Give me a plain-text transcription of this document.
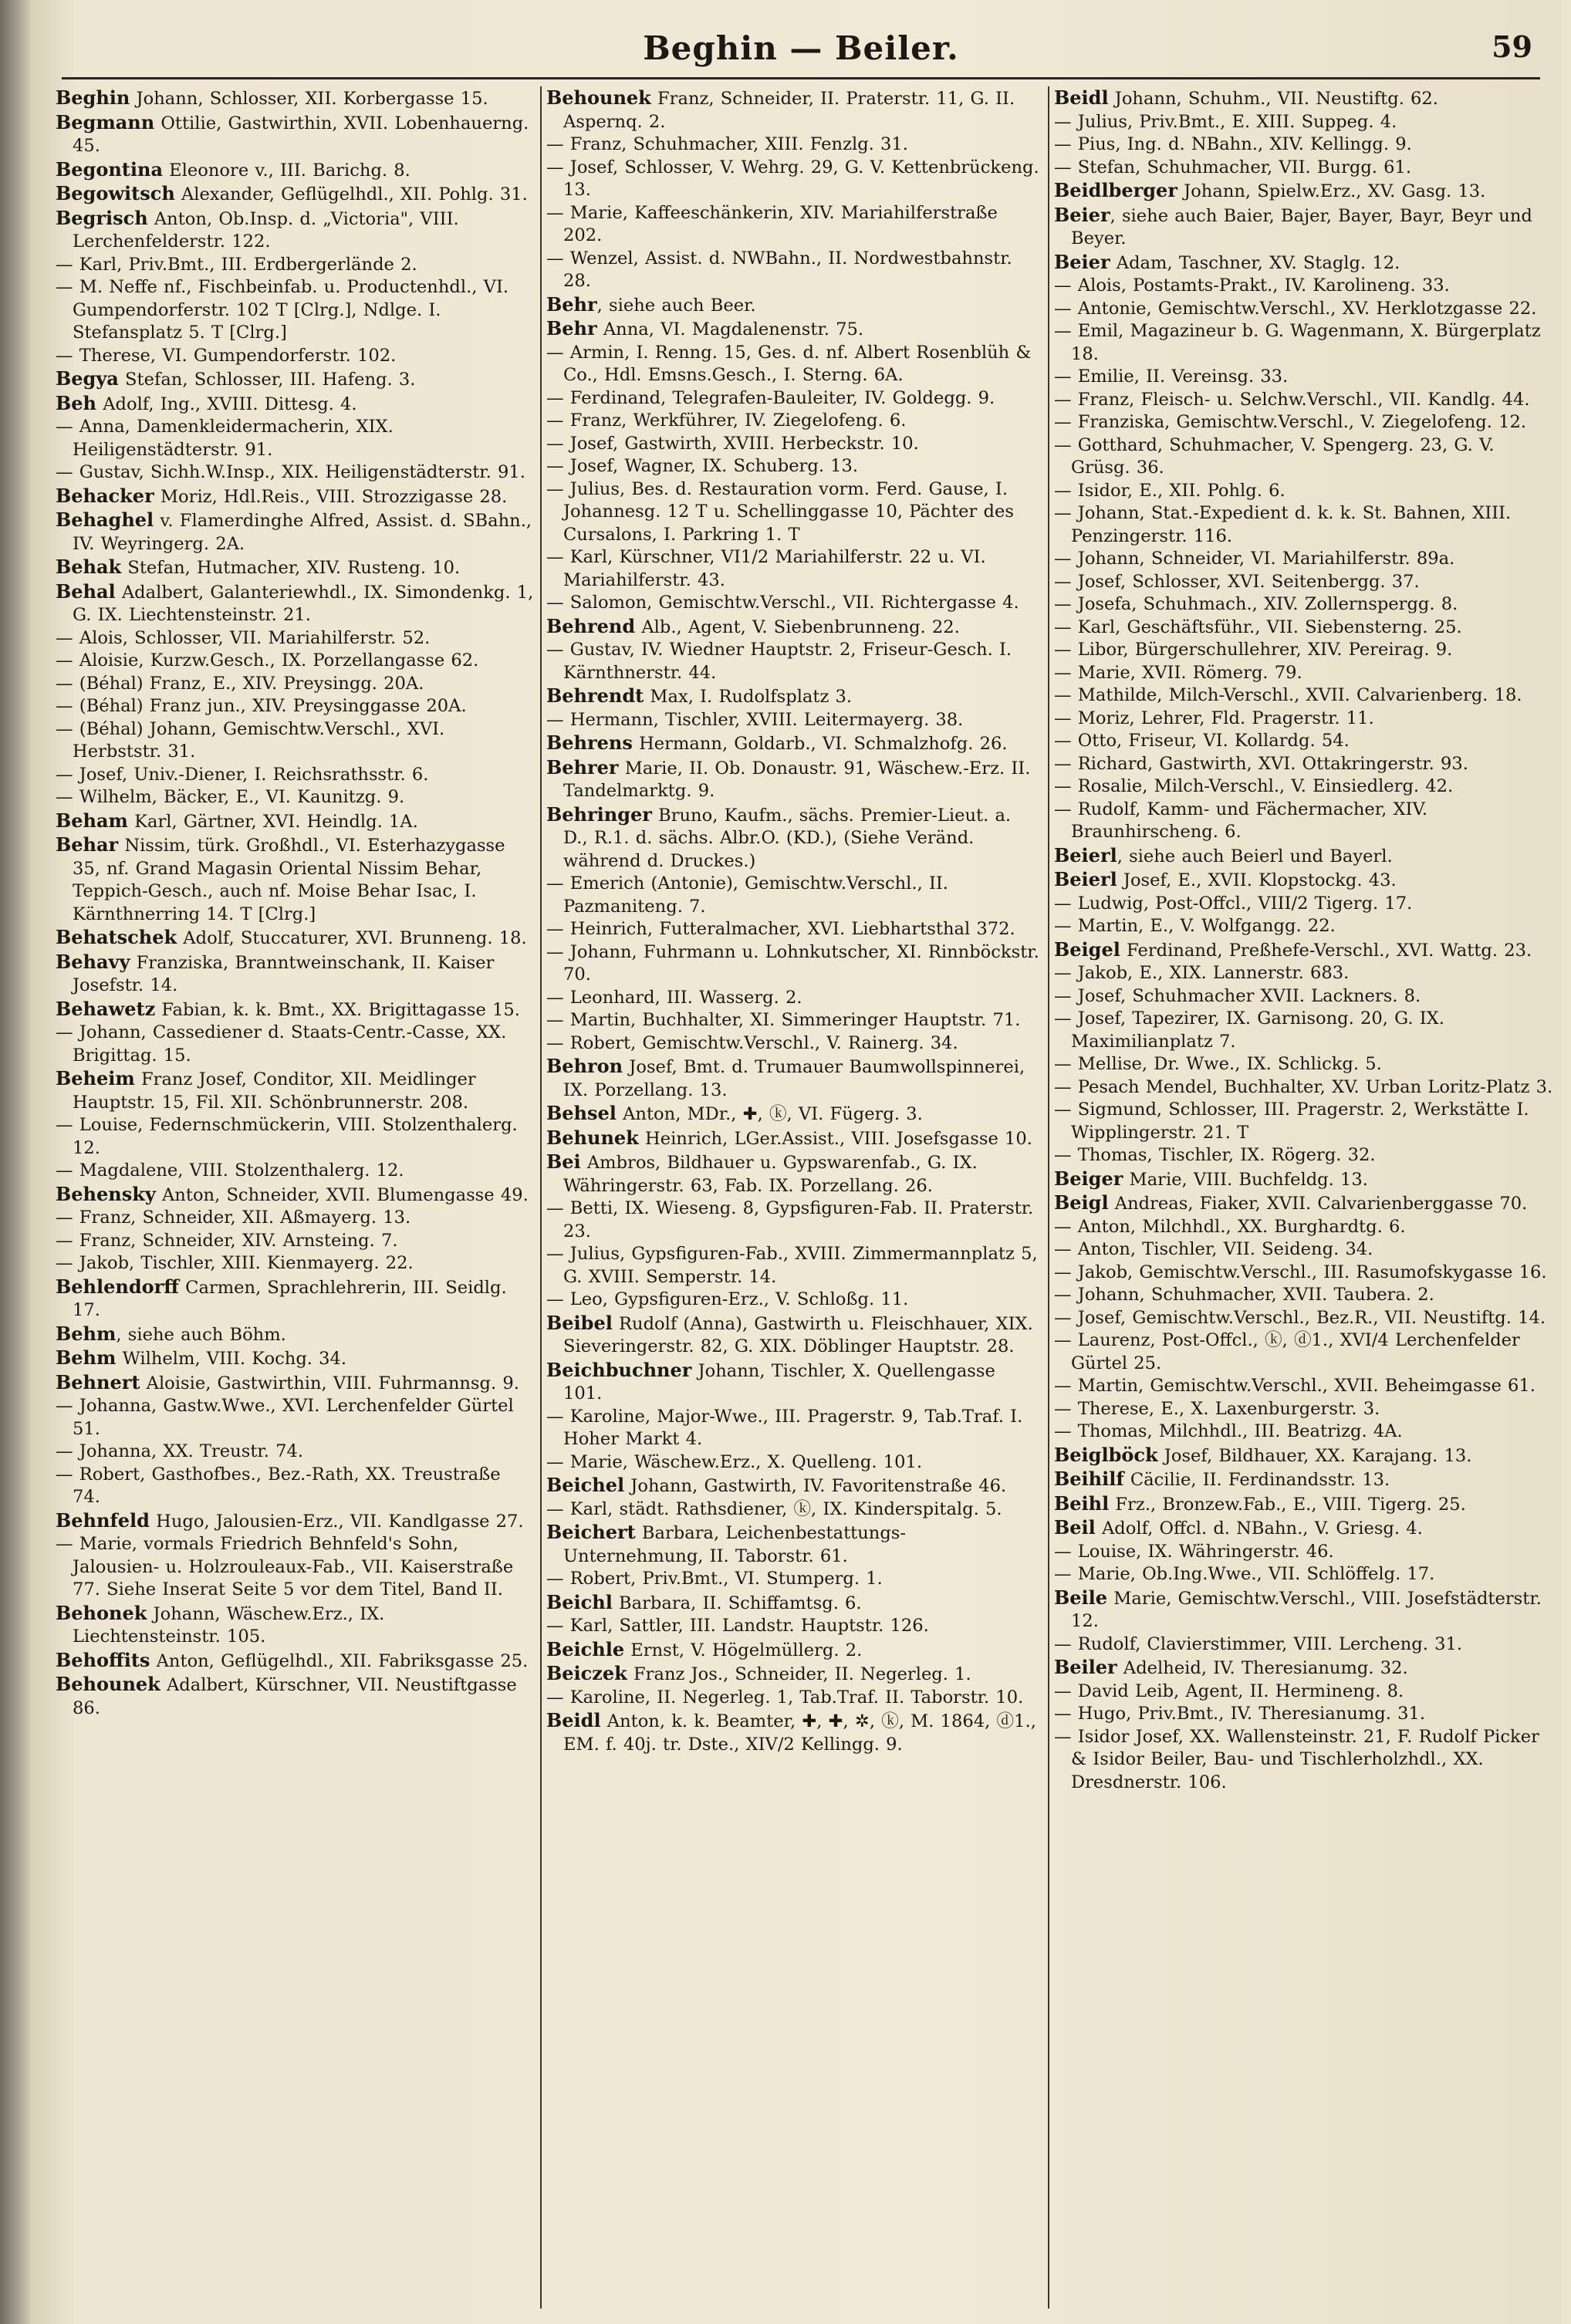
Beghin — Beiler.	59
Beghin Johann, Schlosser, XII. Korbergasse 15.
Begmann Ottilie, Gastwirthin, XVII. Lobenhauerng. 45.
Begontina Eleonore v., III. Barichg. 8.
Begowitsch Alexander, Geflügelhdl., XII. Pohlg. 31.
Begrisch Anton, Ob.Insp. d. „Victoria", VIII. Lerchenfelderstr. 122.
— Karl, Priv.Bmt., III. Erdbergerlände 2.
— M. Neffe nf., Fischbeinfab. u. Productenhdl., VI. Gumpendorferstr. 102 T [Clrg.], Ndlge. I. Stefansplatz 5. T [Clrg.]
— Therese, VI. Gumpendorferstr. 102.
Begya Stefan, Schlosser, III. Hafeng. 3.
Beh Adolf, Ing., XVIII. Dittesg. 4.
— Anna, Damenkleidermacherin, XIX. Heiligenstädterstr. 91.
— Gustav, Sichh.W.Insp., XIX. Heiligenstädterstr. 91.
Behacker Moriz, Hdl.Reis., VIII. Strozzigasse 28.
Behaghel v. Flamerdinghe Alfred, Assist. d. SBahn., IV. Weyringerg. 2A.
Behak Stefan, Hutmacher, XIV. Rusteng. 10.
Behal Adalbert, Galanteriewhdl., IX. Simondenkg. 1, G. IX. Liechtensteinstr. 21.
— Alois, Schlosser, VII. Mariahilferstr. 52.
— Aloisie, Kurzw.Gesch., IX. Porzellangasse 62.
— (Béhal) Franz, E., XIV. Preysingg. 20A.
— (Béhal) Franz jun., XIV. Preysinggasse 20A.
— (Béhal) Johann, Gemischtw.Verschl., XVI. Herbststr. 31.
— Josef, Univ.-Diener, I. Reichsrathsstr. 6.
— Wilhelm, Bäcker, E., VI. Kaunitzg. 9.
Beham Karl, Gärtner, XVI. Heindlg. 1A.
Behar Nissim, türk. Großhdl., VI. Esterhazygasse 35, nf. Grand Magasin Oriental Nissim Behar, Teppich-Gesch., auch nf. Moise Behar Isac, I. Kärnthnerring 14. T [Clrg.]
Behatschek Adolf, Stuccaturer, XVI. Brunneng. 18.
Behavy Franziska, Branntweinschank, II. Kaiser Josefstr. 14.
Behawetz Fabian, k. k. Bmt., XX. Brigittagasse 15.
— Johann, Cassediener d. Staats-Centr.-Casse, XX. Brigittag. 15.
Beheim Franz Josef, Conditor, XII. Meidlinger Hauptstr. 15, Fil. XII. Schönbrunnerstr. 208.
— Louise, Federnschmückerin, VIII. Stolzenthalerg. 12.
— Magdalene, VIII. Stolzenthalerg. 12.
Behensky Anton, Schneider, XVII. Blumengasse 49.
— Franz, Schneider, XII. Aßmayerg. 13.
— Franz, Schneider, XIV. Arnsteing. 7.
— Jakob, Tischler, XIII. Kienmayerg. 22.
Behlendorff Carmen, Sprachlehrerin, III. Seidlg. 17.
Behm, siehe auch Böhm.
Behm Wilhelm, VIII. Kochg. 34.
Behnert Aloisie, Gastwirthin, VIII. Fuhrmannsg. 9.
— Johanna, Gastw.Wwe., XVI. Lerchenfelder Gürtel 51.
— Johanna, XX. Treustr. 74.
— Robert, Gasthofbes., Bez.-Rath, XX. Treustraße 74.
Behnfeld Hugo, Jalousien-Erz., VII. Kandlgasse 27.
— Marie, vormals Friedrich Behnfeld's Sohn, Jalousien- u. Holzrouleaux-Fab., VII. Kaiserstraße 77. Siehe Inserat Seite 5 vor dem Titel, Band II.
Behonek Johann, Wäschew.Erz., IX. Liechtensteinstr. 105.
Behoffits Anton, Geflügelhdl., XII. Fabriksgasse 25.
Behounek Adalbert, Kürschner, VII. Neustiftgasse 86.
Behounek Franz, Schneider, II. Praterstr. 11, G. II. Aspernq. 2.
— Franz, Schuhmacher, XIII. Fenzlg. 31.
— Josef, Schlosser, V. Wehrg. 29, G. V. Kettenbrückeng. 13.
— Marie, Kaffeeschänkerin, XIV. Mariahilferstraße 202.
— Wenzel, Assist. d. NWBahn., II. Nordwestbahnstr. 28.
Behr, siehe auch Beer.
Behr Anna, VI. Magdalenenstr. 75.
— Armin, I. Renng. 15, Ges. d. nf. Albert Rosenblüh & Co., Hdl. Emsns.Gesch., I. Sterng. 6A.
— Ferdinand, Telegrafen-Bauleiter, IV. Goldegg. 9.
— Franz, Werkführer, IV. Ziegelofeng. 6.
— Josef, Gastwirth, XVIII. Herbeckstr. 10.
— Josef, Wagner, IX. Schuberg. 13.
— Julius, Bes. d. Restauration vorm. Ferd. Gause, I. Johannesg. 12 T u. Schellinggasse 10, Pächter des Cursalons, I. Parkring 1. T
— Karl, Kürschner, VI1/2 Mariahilferstr. 22 u. VI. Mariahilferstr. 43.
— Salomon, Gemischtw.Verschl., VII. Richtergasse 4.
Behrend Alb., Agent, V. Siebenbrunneng. 22.
— Gustav, IV. Wiedner Hauptstr. 2, Friseur-Gesch. I. Kärnthnerstr. 44.
Behrendt Max, I. Rudolfsplatz 3.
— Hermann, Tischler, XVIII. Leitermayerg. 38.
Behrens Hermann, Goldarb., VI. Schmalzhofg. 26.
Behrer Marie, II. Ob. Donaustr. 91, Wäschew.-Erz. II. Tandelmarktg. 9.
Behringer Bruno, Kaufm., sächs. Premier-Lieut. a. D., R.1. d. sächs. Albr.O. (KD.), (Siehe Veränd. während d. Druckes.)
— Emerich (Antonie), Gemischtw.Verschl., II. Pazmaniteng. 7.
— Heinrich, Futteralmacher, XVI. Liebhartsthal 372.
— Johann, Fuhrmann u. Lohnkutscher, XI. Rinnböckstr. 70.
— Leonhard, III. Wasserg. 2.
— Martin, Buchhalter, XI. Simmeringer Hauptstr. 71.
— Robert, Gemischtw.Verschl., V. Rainerg. 34.
Behron Josef, Bmt. d. Trumauer Baumwollspinnerei, IX. Porzellang. 13.
Behsel Anton, MDr., ✚, ⓚ, VI. Fügerg. 3.
Behunek Heinrich, LGer.Assist., VIII. Josefsgasse 10.
Bei Ambros, Bildhauer u. Gypswarenfab., G. IX. Währingerstr. 63, Fab. IX. Porzellang. 26.
— Betti, IX. Wieseng. 8, Gypsfiguren-Fab. II. Praterstr. 23.
— Julius, Gypsfiguren-Fab., XVIII. Zimmermannplatz 5, G. XVIII. Semperstr. 14.
— Leo, Gypsfiguren-Erz., V. Schloßg. 11.
Beibel Rudolf (Anna), Gastwirth u. Fleischhauer, XIX. Sieveringerstr. 82, G. XIX. Döblinger Hauptstr. 28.
Beichbuchner Johann, Tischler, X. Quellengasse 101.
— Karoline, Major-Wwe., III. Pragerstr. 9, Tab.Traf. I. Hoher Markt 4.
— Marie, Wäschew.Erz., X. Quelleng. 101.
Beichel Johann, Gastwirth, IV. Favoritenstraße 46.
— Karl, städt. Rathsdiener, ⓚ, IX. Kinderspitalg. 5.
Beichert Barbara, Leichenbestattungs-Unternehmung, II. Taborstr. 61.
— Robert, Priv.Bmt., VI. Stumperg. 1.
Beichl Barbara, II. Schiffamtsg. 6.
— Karl, Sattler, III. Landstr. Hauptstr. 126.
Beichle Ernst, V. Högelmüllerg. 2.
Beiczek Franz Jos., Schneider, II. Negerleg. 1.
— Karoline, II. Negerleg. 1, Tab.Traf. II. Taborstr. 10.
Beidl Anton, k. k. Beamter, ✚, ✚, ✲, ⓚ, M. 1864, ⓓ1., EM. f. 40j. tr. Dste., XIV/2 Kellingg. 9.
Beidl Johann, Schuhm., VII. Neustiftg. 62.
— Julius, Priv.Bmt., E. XIII. Suppeg. 4.
— Pius, Ing. d. NBahn., XIV. Kellingg. 9.
— Stefan, Schuhmacher, VII. Burgg. 61.
Beidlberger Johann, Spielw.Erz., XV. Gasg. 13.
Beier, siehe auch Baier, Bajer, Bayer, Bayr, Beyr und Beyer.
Beier Adam, Taschner, XV. Staglg. 12.
— Alois, Postamts-Prakt., IV. Karolineng. 33.
— Antonie, Gemischtw.Verschl., XV. Herklotzgasse 22.
— Emil, Magazineur b. G. Wagenmann, X. Bürgerplatz 18.
— Emilie, II. Vereinsg. 33.
— Franz, Fleisch- u. Selchw.Verschl., VII. Kandlg. 44.
— Franziska, Gemischtw.Verschl., V. Ziegelofeng. 12.
— Gotthard, Schuhmacher, V. Spengerg. 23, G. V. Grüsg. 36.
— Isidor, E., XII. Pohlg. 6.
— Johann, Stat.-Expedient d. k. k. St. Bahnen, XIII. Penzingerstr. 116.
— Johann, Schneider, VI. Mariahilferstr. 89a.
— Josef, Schlosser, XVI. Seitenbergg. 37.
— Josefa, Schuhmach., XIV. Zollernspergg. 8.
— Karl, Geschäftsführ., VII. Siebensterng. 25.
— Libor, Bürgerschullehrer, XIV. Pereirag. 9.
— Marie, XVII. Römerg. 79.
— Mathilde, Milch-Verschl., XVII. Calvarienberg. 18.
— Moriz, Lehrer, Fld. Pragerstr. 11.
— Otto, Friseur, VI. Kollardg. 54.
— Richard, Gastwirth, XVI. Ottakringerstr. 93.
— Rosalie, Milch-Verschl., V. Einsiedlerg. 42.
— Rudolf, Kamm- und Fächermacher, XIV. Braunhirscheng. 6.
Beierl, siehe auch Beierl und Bayerl.
Beierl Josef, E., XVII. Klopstockg. 43.
— Ludwig, Post-Offcl., VIII/2 Tigerg. 17.
— Martin, E., V. Wolfgangg. 22.
Beigel Ferdinand, Preßhefe-Verschl., XVI. Wattg. 23.
— Jakob, E., XIX. Lannerstr. 683.
— Josef, Schuhmacher XVII. Lackners. 8.
— Josef, Tapezirer, IX. Garnisong. 20, G. IX. Maximilianplatz 7.
— Mellise, Dr. Wwe., IX. Schlickg. 5.
— Pesach Mendel, Buchhalter, XV. Urban Loritz-Platz 3.
— Sigmund, Schlosser, III. Pragerstr. 2, Werkstätte I. Wipplingerstr. 21. T
— Thomas, Tischler, IX. Rögerg. 32.
Beiger Marie, VIII. Buchfeldg. 13.
Beigl Andreas, Fiaker, XVII. Calvarienberggasse 70.
— Anton, Milchhdl., XX. Burghardtg. 6.
— Anton, Tischler, VII. Seideng. 34.
— Jakob, Gemischtw.Verschl., III. Rasumofskygasse 16.
— Johann, Schuhmacher, XVII. Taubera. 2.
— Josef, Gemischtw.Verschl., Bez.R., VII. Neustiftg. 14.
— Laurenz, Post-Offcl., ⓚ, ⓓ1., XVI/4 Lerchenfelder Gürtel 25.
— Martin, Gemischtw.Verschl., XVII. Beheimgasse 61.
— Therese, E., X. Laxenburgerstr. 3.
— Thomas, Milchhdl., III. Beatrizg. 4A.
Beiglböck Josef, Bildhauer, XX. Karajang. 13.
Beihilf Cäcilie, II. Ferdinandsstr. 13.
Beihl Frz., Bronzew.Fab., E., VIII. Tigerg. 25.
Beil Adolf, Offcl. d. NBahn., V. Griesg. 4.
— Louise, IX. Währingerstr. 46.
— Marie, Ob.Ing.Wwe., VII. Schlöffelg. 17.
Beile Marie, Gemischtw.Verschl., VIII. Josefstädterstr. 12.
— Rudolf, Clavierstimmer, VIII. Lercheng. 31.
Beiler Adelheid, IV. Theresianumg. 32.
— David Leib, Agent, II. Hermineng. 8.
— Hugo, Priv.Bmt., IV. Theresianumg. 31.
— Isidor Josef, XX. Wallensteinstr. 21, F. Rudolf Picker & Isidor Beiler, Bau- und Tischlerholzhdl., XX. Dresdnerstr. 106.
